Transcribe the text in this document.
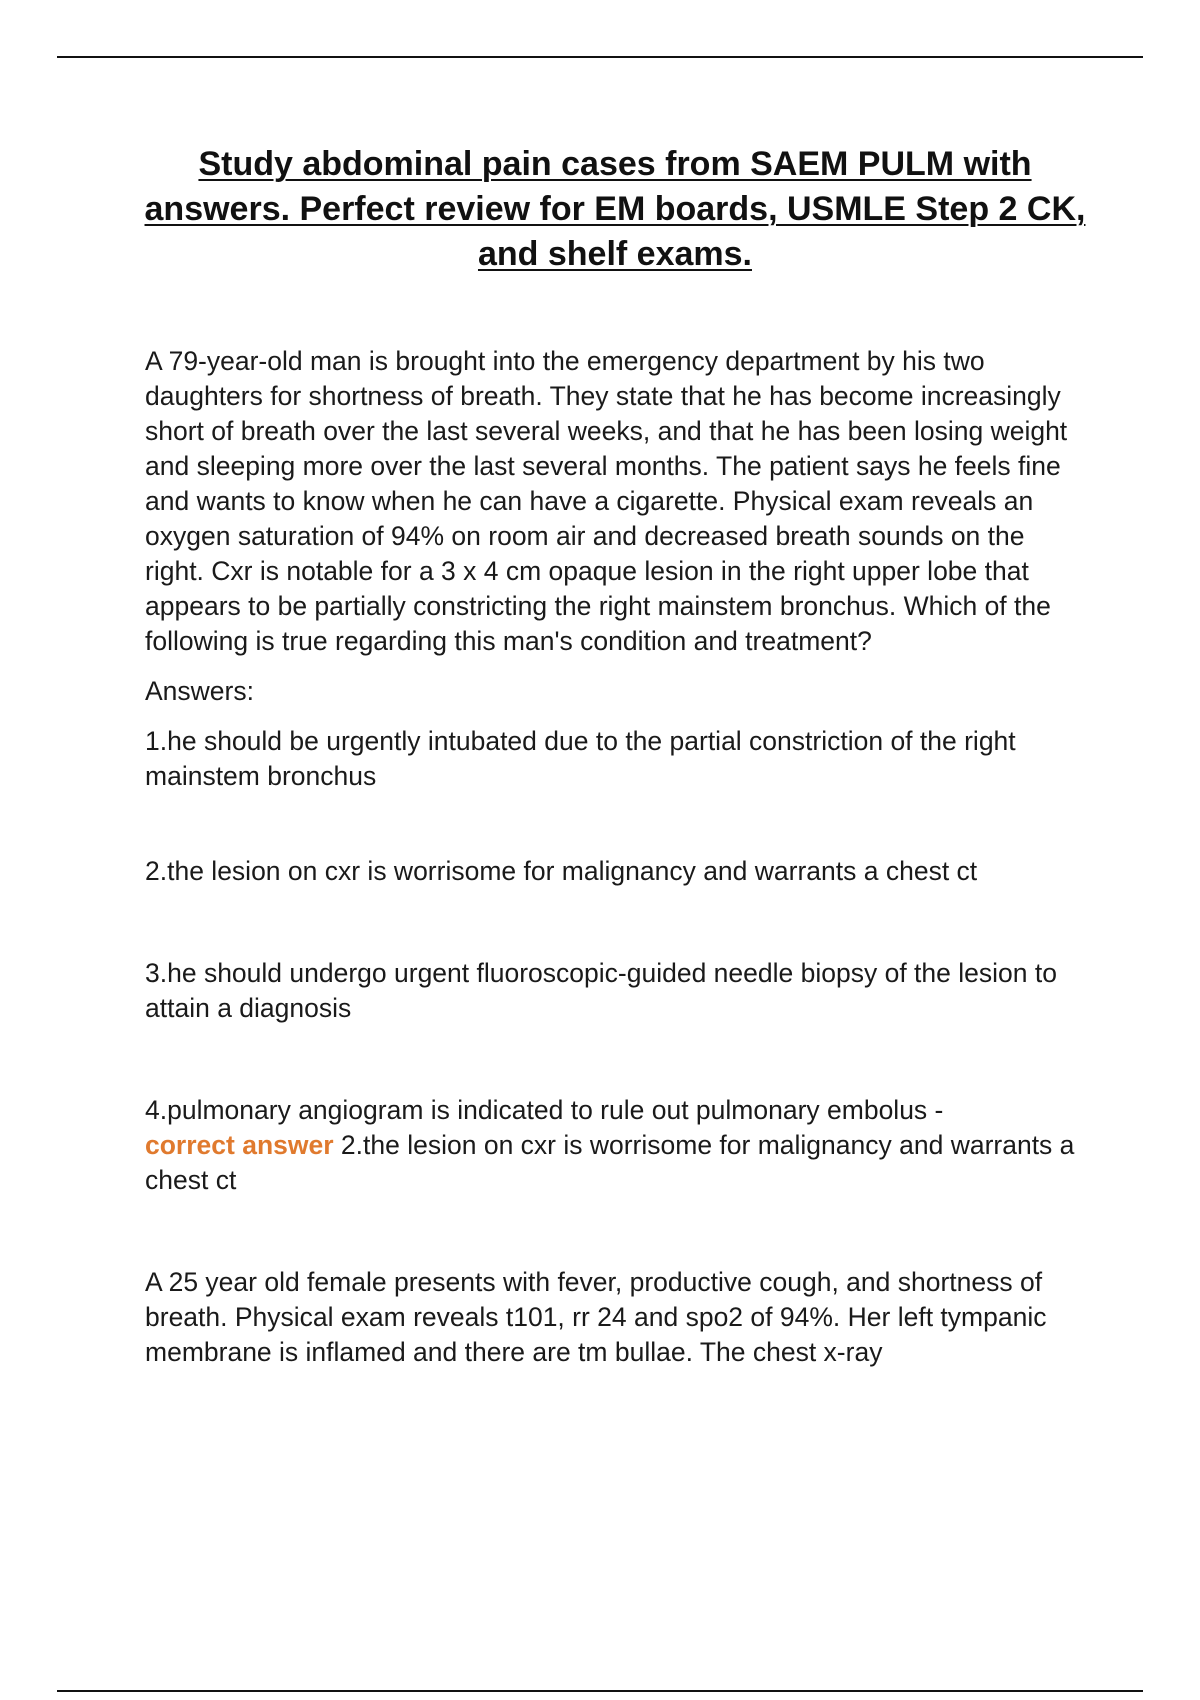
Study abdominal pain cases from SAEM PULM with answers. Perfect review for EM boards, USMLE Step 2 CK, and shelf exams.

A 79-year-old man is brought into the emergency department by his two daughters for shortness of breath. They state that he has become increasingly short of breath over the last several weeks, and that he has been losing weight and sleeping more over the last several months. The patient says he feels fine and wants to know when he can have a cigarette. Physical exam reveals an oxygen saturation of 94% on room air and decreased breath sounds on the right. Cxr is notable for a 3 x 4 cm opaque lesion in the right upper lobe that appears to be partially constricting the right mainstem bronchus. Which of the following is true regarding this man's condition and treatment?

Answers:

1.he should be urgently intubated due to the partial constriction of the right mainstem bronchus

2.the lesion on cxr is worrisome for malignancy and warrants a chest ct

3.he should undergo urgent fluoroscopic-guided needle biopsy of the lesion to attain a diagnosis

4.pulmonary angiogram is indicated to rule out pulmonary embolus -
correct answer 2.the lesion on cxr is worrisome for malignancy and warrants a chest ct

A 25 year old female presents with fever, productive cough, and shortness of breath. Physical exam reveals t101, rr 24 and spo2 of 94%. Her left tympanic membrane is inflamed and there are tm bullae. The chest x-ray
